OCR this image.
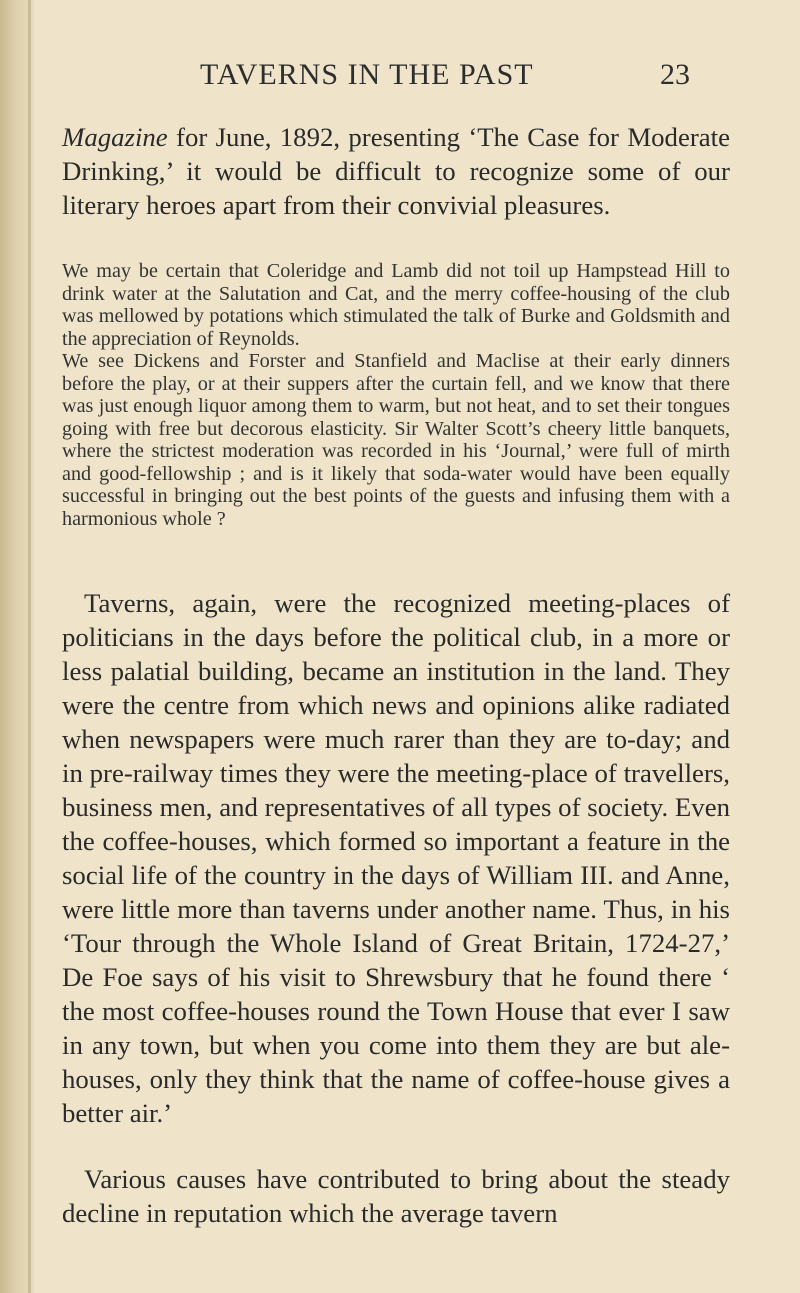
TAVERNS IN THE PAST	23
Magazine for June, 1892, presenting ‘The Case for Moderate Drinking,’ it would be difficult to recognize some of our literary heroes apart from their convivial pleasures.

We may be certain that Coleridge and Lamb did not toil up Hampstead Hill to drink water at the Salutation and Cat, and the merry coffee-housing of the club was mellowed by potations which stimulated the talk of Burke and Goldsmith and the appreciation of Reynolds.

We see Dickens and Forster and Stanfield and Maclise at their early dinners before the play, or at their suppers after the curtain fell, and we know that there was just enough liquor among them to warm, but not heat, and to set their tongues going with free but decorous elasticity. Sir Walter Scott’s cheery little banquets, where the strictest moderation was recorded in his ‘Journal,’ were full of mirth and good-fellowship ; and is it likely that soda-water would have been equally successful in bringing out the best points of the guests and infusing them with a harmonious whole ?

Taverns, again, were the recognized meeting-places of politicians in the days before the political club, in a more or less palatial building, became an institution in the land. They were the centre from which news and opinions alike radiated when newspapers were much rarer than they are to-day; and in pre-railway times they were the meeting-place of travellers, business men, and representatives of all types of society. Even the coffee-houses, which formed so important a feature in the social life of the country in the days of William III. and Anne, were little more than taverns under another name. Thus, in his ‘Tour through the Whole Island of Great Britain, 1724-27,’ De Foe says of his visit to Shrewsbury that he found there ‘ the most coffee-houses round the Town House that ever I saw in any town, but when you come into them they are but ale-houses, only they think that the name of coffee-house gives a better air.’
Various causes have contributed to bring about the steady decline in reputation which the average tavern
